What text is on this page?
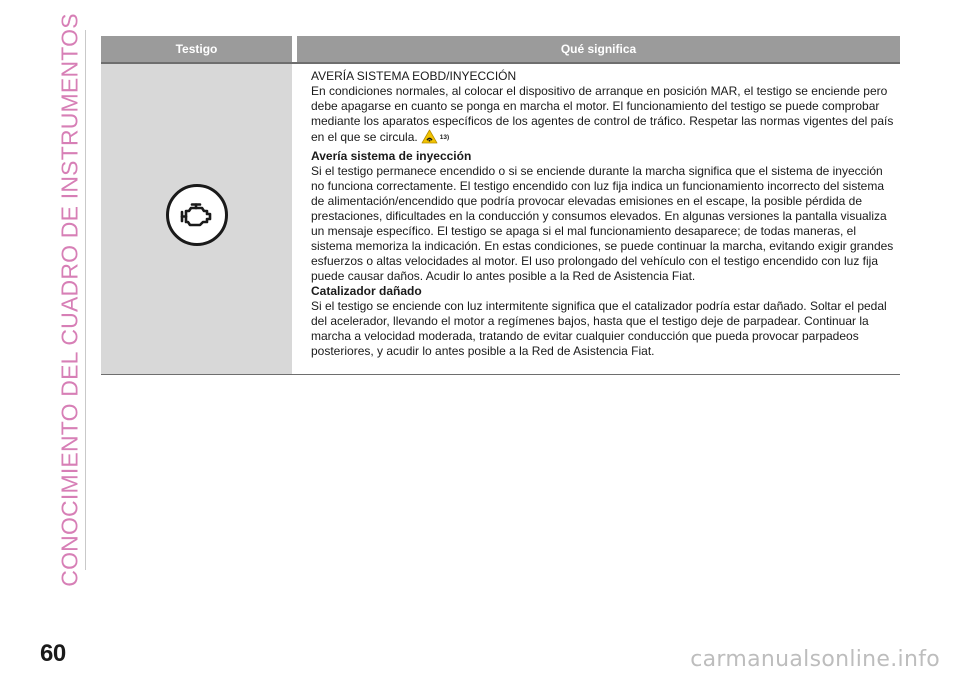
CONOCIMIENTO DEL CUADRO DE INSTRUMENTOS	Testigo	Qué significa

AVERÍA SISTEMA EOBD/INYECCIÓN

En condiciones normales, al colocar el dispositivo de arranque en posición MAR, el testigo se enciende pero debe apagarse en cuanto se ponga en marcha el motor. El funcionamiento del testigo se puede comprobar mediante los aparatos específicos de los agentes de control de tráfico. Respetar las normas vigentes del país en el que se circula.	13)

Avería sistema de inyección

Si el testigo permanece encendido o si se enciende durante la marcha significa que el sistema de inyección no funciona correctamente. El testigo encendido con luz fija indica un funcionamiento incorrecto del sistema de alimentación/encendido que podría provocar elevadas emisiones en el escape, la posible pérdida de prestaciones, dificultades en la conducción y consumos elevados. En algunas versiones la pantalla visualiza un mensaje específico. El testigo se apaga si el mal funcionamiento desaparece; de todas maneras, el sistema memoriza la indicación. En estas condiciones, se puede continuar la marcha, evitando exigir grandes esfuerzos o altas velocidades al motor. El uso prolongado del vehículo con el testigo encendido con luz fija puede causar daños. Acudir lo antes posible a la Red de Asistencia Fiat.

Catalizador dañado

Si el testigo se enciende con luz intermitente significa que el catalizador podría estar dañado. Soltar el pedal del acelerador, llevando el motor a regímenes bajos, hasta que el testigo deje de parpadear. Continuar la marcha a velocidad moderada, tratando de evitar cualquier conducción que pueda provocar parpadeos posteriores, y acudir lo antes posible a la Red de Asistencia Fiat.

60	carmanualsonline.info
